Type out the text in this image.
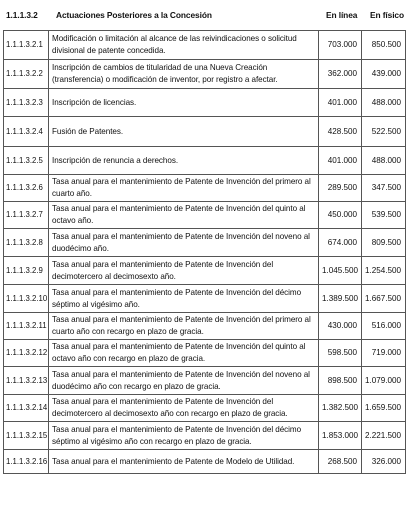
1.1.1.3.2 Actuaciones Posteriores a la Concesión	En línea En físico
1.1.1.3.2.1	Modificación o limitación al alcance de las reivindicaciones o solicitud divisional de patente concedida.	703.000	850.500
1.1.1.3.2.2	Inscripción de cambios de titularidad de una Nueva Creación (transferencia) o modificación de inventor, por registro a afectar.	362.000	439.000
1.1.1.3.2.3	Inscripción de licencias.	401.000	488.000
1.1.1.3.2.4	Fusión de Patentes.	428.500	522.500
1.1.1.3.2.5	Inscripción de renuncia a derechos.	401.000	488.000
1.1.1.3.2.6	Tasa anual para el mantenimiento de Patente de Invención del primero al cuarto año.	289.500	347.500
1.1.1.3.2.7	Tasa anual para el mantenimiento de Patente de Invención del quinto al octavo año.	450.000	539.500
1.1.1.3.2.8	Tasa anual para el mantenimiento de Patente de Invención del noveno al duodécimo año.	674.000	809.500
1.1.1.3.2.9	Tasa anual para el mantenimiento de Patente de Invención del decimotercero al decimosexto año.	1.045.500	1.254.500
1.1.1.3.2.10	Tasa anual para el mantenimiento de Patente de Invención del décimo séptimo al vigésimo año.	1.389.500	1.667.500
1.1.1.3.2.11	Tasa anual para el mantenimiento de Patente de Invención del primero al cuarto año con recargo en plazo de gracia.	430.000	516.000
1.1.1.3.2.12	Tasa anual para el mantenimiento de Patente de Invención del quinto al octavo año con recargo en plazo de gracia.	598.500	719.000
1.1.1.3.2.13	Tasa anual para el mantenimiento de Patente de Invención del noveno al duodécimo año con recargo en plazo de gracia.	898.500	1.079.000
1.1.1.3.2.14	Tasa anual para el mantenimiento de Patente de Invención del decimotercero al decimosexto año con recargo en plazo de gracia.	1.382.500	1.659.500
1.1.1.3.2.15	Tasa anual para el mantenimiento de Patente de Invención del décimo séptimo al vigésimo año con recargo en plazo de gracia.	1.853.000	2.221.500
1.1.1.3.2.16	Tasa anual para el mantenimiento de Patente de Modelo de Utilidad.	268.500	326.000
